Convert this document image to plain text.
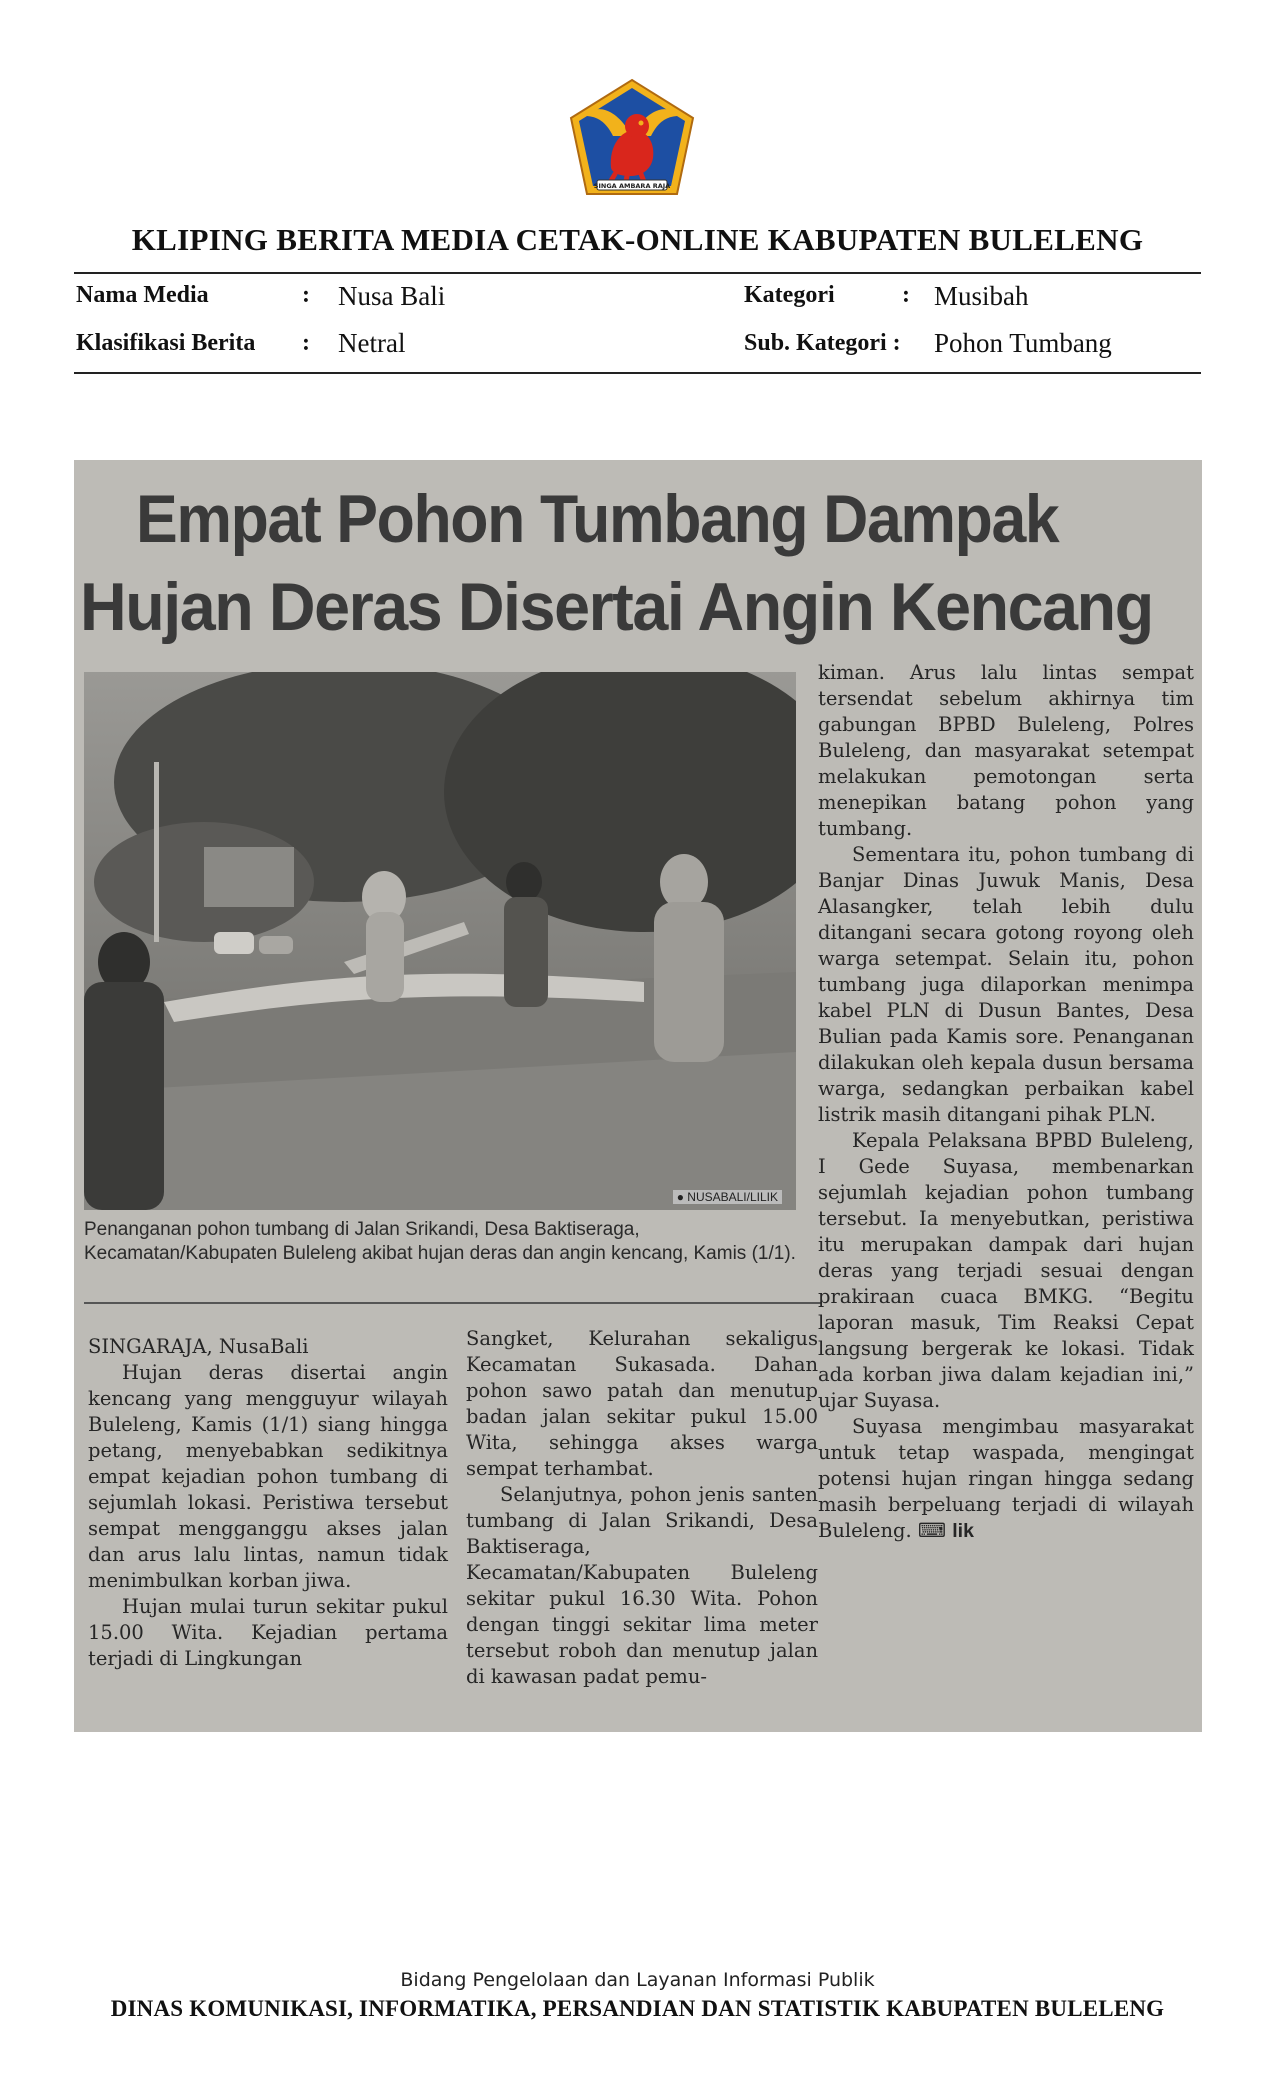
SINGA AMBARA RAJA
KLIPING BERITA MEDIA CETAK-ONLINE KABUPATEN BULELENG
Nama Media	: Nusa Bali	Kategori	: Musibah
Klasifikasi Berita : Netral	Sub. Kategori : Pohon Tumbang
Empat Pohon Tumbang Dampak
Hujan Deras Disertai Angin Kencang
● NUSABALI/LILIK
Penanganan pohon tumbang di Jalan Srikandi, Desa Baktiseraga, Kecamatan/Kabupaten Buleleng akibat hujan deras dan angin kencang, Kamis (1/1).

SINGARAJA, NusaBali

Hujan deras disertai angin kencang yang mengguyur wilayah Buleleng, Kamis (1/1) siang hingga petang, menyebabkan sedikitnya empat kejadian pohon tumbang di sejumlah lokasi. Peristiwa tersebut sempat mengganggu akses jalan dan arus lalu lintas, namun tidak menimbulkan korban jiwa.

Hujan mulai turun sekitar pukul 15.00 Wita. Kejadian pertama terjadi di Lingkungan

Sangket, Kelurahan sekaligus Kecamatan Sukasada. Dahan pohon sawo patah dan menutup badan jalan sekitar pukul 15.00 Wita, sehingga akses warga sempat terhambat.

Selanjutnya, pohon jenis santen tumbang di Jalan Srikandi, Desa Baktiseraga, Kecamatan/Kabupaten Buleleng sekitar pukul 16.30 Wita. Pohon dengan tinggi sekitar lima meter tersebut roboh dan menutup jalan di kawasan padat pemu-

kiman. Arus lalu lintas sempat tersendat sebelum akhirnya tim gabungan BPBD Buleleng, Polres Buleleng, dan masyarakat setempat melakukan pemotongan serta menepikan batang pohon yang tumbang.

Sementara itu, pohon tumbang di Banjar Dinas Juwuk Manis, Desa Alasangker, telah lebih dulu ditangani secara gotong royong oleh warga setempat. Selain itu, pohon tumbang juga dilaporkan menimpa kabel PLN di Dusun Bantes, Desa Bulian pada Kamis sore. Penanganan dilakukan oleh kepala dusun bersama warga, sedangkan perbaikan kabel listrik masih ditangani pihak PLN.

Kepala Pelaksana BPBD Buleleng, I Gede Suyasa, membenarkan sejumlah kejadian pohon tumbang tersebut. Ia menyebutkan, peristiwa itu merupakan dampak dari hujan deras yang terjadi sesuai dengan prakiraan cuaca BMKG. “Begitu laporan masuk, Tim Reaksi Cepat langsung bergerak ke lokasi. Tidak ada korban jiwa dalam kejadian ini,” ujar Suyasa.

Suyasa mengimbau masyarakat untuk tetap waspada, mengingat potensi hujan ringan hingga sedang masih berpeluang terjadi di wilayah Buleleng. ⌨ lik

Bidang Pengelolaan dan Layanan Informasi Publik
DINAS KOMUNIKASI, INFORMATIKA, PERSANDIAN DAN STATISTIK KABUPATEN BULELENG
